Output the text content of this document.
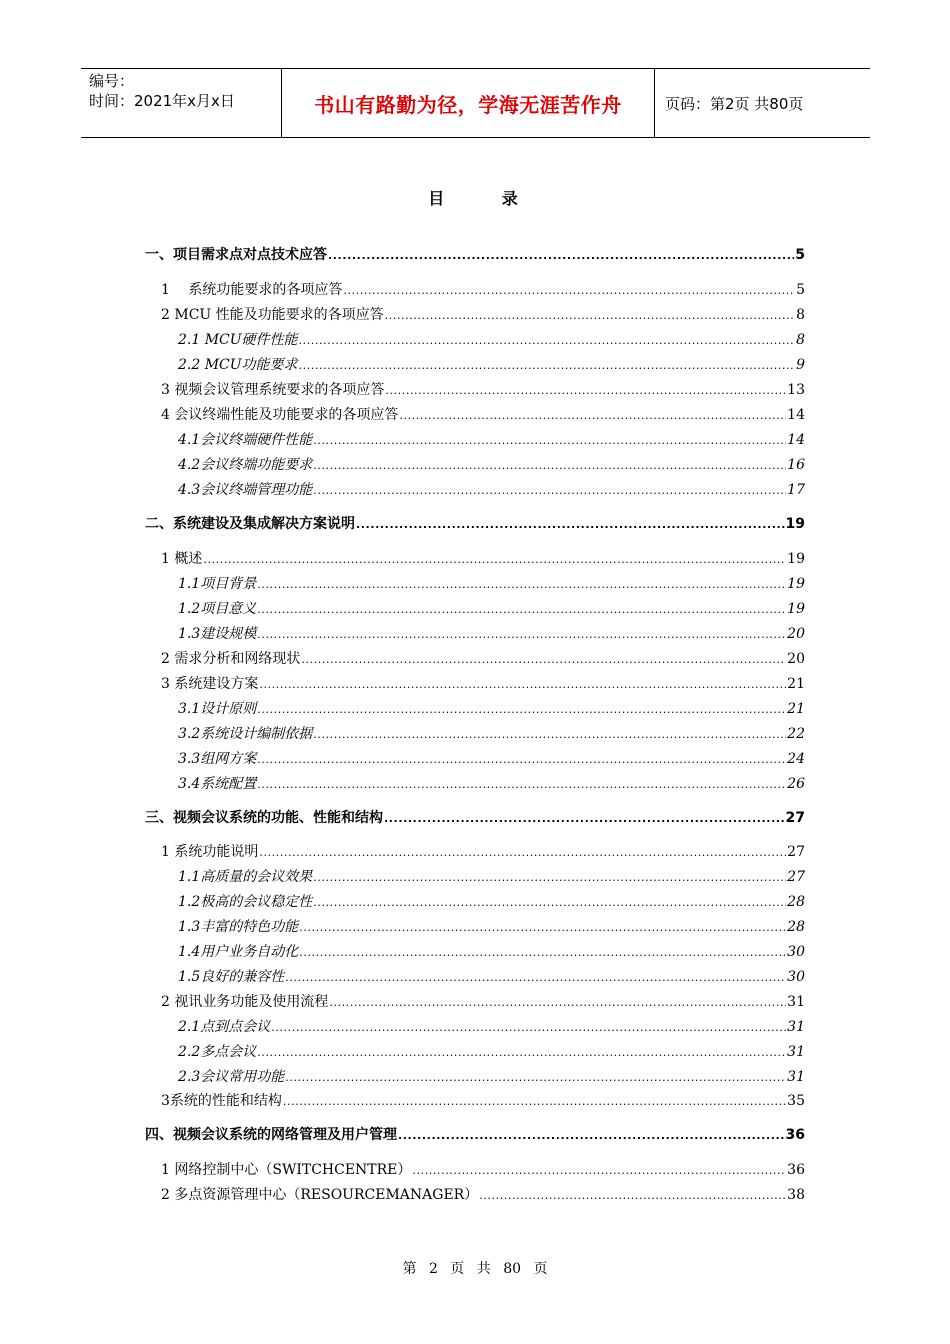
编号：
时间：2021年x月x日	书山有路勤为径，学海无涯苦作舟	页码：第2页 共80页
目 录
一、项目需求点对点技术应答 .....	5
1　 系统功能要求的各项应答 .....	5
2 MCU 性能及功能要求的各项应答 .....	8
2.1 MCU硬件性能 .....	8
2.2 MCU功能要求 .....	9
3 视频会议管理系统要求的各项应答 .....	13
4 会议终端性能及功能要求的各项应答 .....	14
4.1会议终端硬件性能 .....	14
4.2会议终端功能要求 .....	16
4.3会议终端管理功能 .....	17
二、系统建设及集成解决方案说明 .....	19
1 概述 .....	19
1.1项目背景 .....	19
1.2项目意义 .....	19
1.3建设规模 .....	20
2 需求分析和网络现状 .....	20
3 系统建设方案 .....	21
3.1设计原则 .....	21
3.2系统设计编制依据 .....	22
3.3组网方案 .....	24
3.4系统配置 .....	26
三、视频会议系统的功能、性能和结构 .....	27
1 系统功能说明 .....	27
1.1高质量的会议效果 .....	27
1.2极高的会议稳定性 .....	28
1.3丰富的特色功能 .....	28
1.4用户业务自动化 .....	30
1.5良好的兼容性 .....	30
2 视讯业务功能及使用流程 .....	31
2.1点到点会议 .....	31
2.2多点会议 .....	31
2.3会议常用功能 .....	31
3系统的性能和结构 .....	35
四、视频会议系统的网络管理及用户管理 .....	36
1 网络控制中心（SWITCHCENTRE） .....	36
2 多点资源管理中心（RESOURCEMANAGER） .....	38
第 2 页 共 80 页
